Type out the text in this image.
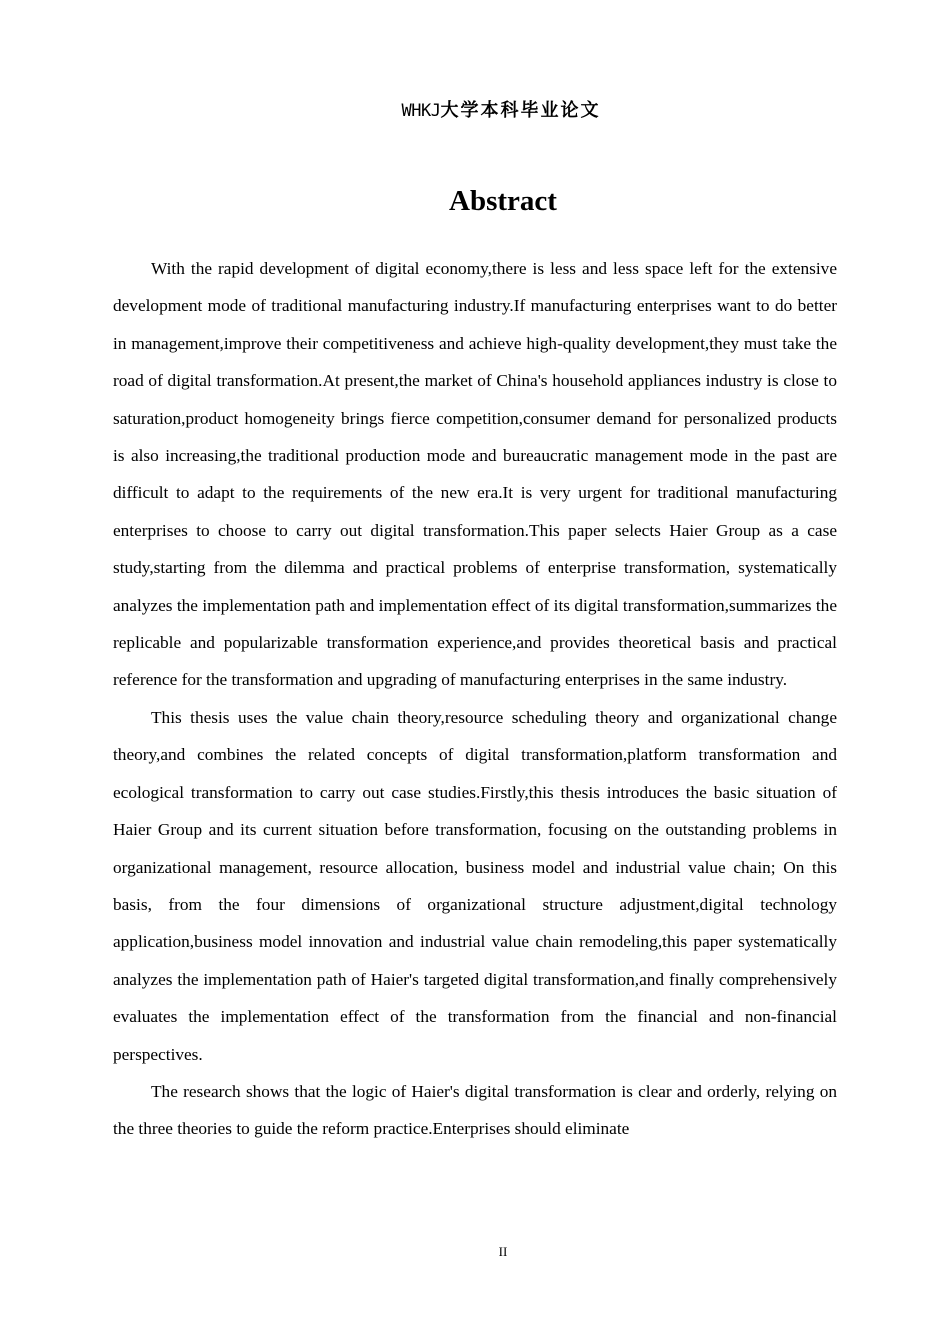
WHKJ大学本科毕业论文
Abstract

With the rapid development of digital economy,there is less and less space left for the extensive development mode of traditional manufacturing industry.If manufacturing enterprises want to do better in management,improve their competitiveness and achieve high-quality development,they must take the road of digital transformation.At present,the market of China's household appliances industry is close to saturation,product homogeneity brings fierce competition,consumer demand for personalized products is also increasing,the traditional production mode and bureaucratic management mode in the past are difficult to adapt to the requirements of the new era.It is very urgent for traditional manufacturing enterprises to choose to carry out digital transformation.This paper selects Haier Group as a case study,starting from the dilemma and practical problems of enterprise transformation, systematically analyzes the implementation path and implementation effect of its digital transformation,summarizes the replicable and popularizable transformation experience,and provides theoretical basis and practical reference for the transformation and upgrading of manufacturing enterprises in the same industry.

This thesis uses the value chain theory,resource scheduling theory and organizational change theory,and combines the related concepts of digital transformation,platform transformation and ecological transformation to carry out case studies.Firstly,this thesis introduces the basic situation of Haier Group and its current situation before transformation, focusing on the outstanding problems in organizational management, resource allocation, business model and industrial value chain; On this basis, from the four dimensions of organizational structure adjustment,digital technology application,business model innovation and industrial value chain remodeling,this paper systematically analyzes the implementation path of Haier's targeted digital transformation,and finally comprehensively evaluates the implementation effect of the transformation from the financial and non-financial perspectives.

The research shows that the logic of Haier's digital transformation is clear and orderly, relying on the three theories to guide the reform practice.Enterprises should eliminate

II
